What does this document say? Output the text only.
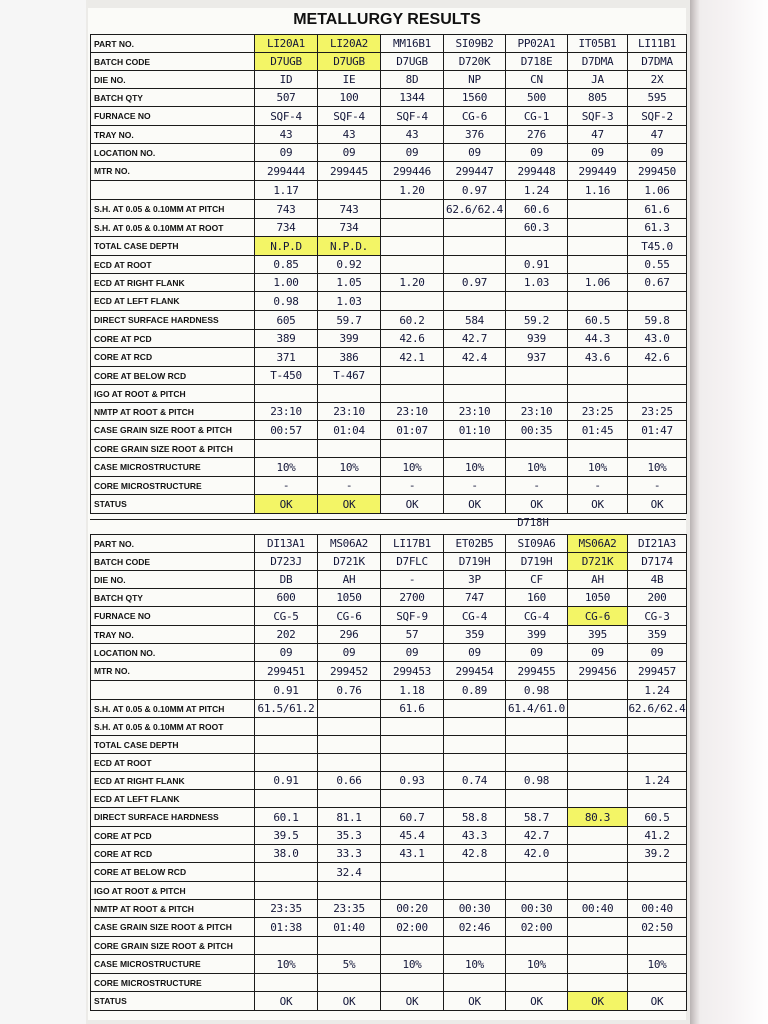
METALLURGY RESULTS
PART NO.	LI20A1	LI20A2	MM16B1	SI09B2	PP02A1	IT05B1	LI11B1
BATCH CODE	D7UGB	D7UGB	D7UGB	D720K	D718E	D7DMA	D7DMA
DIE NO.	ID	IE	8D	NP	CN	JA	2X
BATCH QTY	507	100	1344	1560	500	805	595
FURNACE NO	SQF-4	SQF-4	SQF-4	CG-6	CG-1	SQF-3	SQF-2
TRAY NO.	43	43	43	376	276	47	47
LOCATION NO.	09	09	09	09	09	09	09
MTR NO.	299444	299445	299446	299447	299448	299449	299450
	1.17		1.20	0.97	1.24	1.16	1.06
S.H. AT 0.05 & 0.10MM AT PITCH	743	743		62.6/62.4	60.6		61.6
S.H. AT 0.05 & 0.10MM AT ROOT	734	734			60.3		61.3
TOTAL CASE DEPTH	N.P.D	N.P.D.					T45.0
ECD AT ROOT	0.85	0.92			0.91		0.55
ECD AT RIGHT FLANK	1.00	1.05	1.20	0.97	1.03	1.06	0.67
ECD AT LEFT FLANK	0.98	1.03					
DIRECT SURFACE HARDNESS	605	59.7	60.2	584	59.2	60.5	59.8
CORE AT PCD	389	399	42.6	42.7	939	44.3	43.0
CORE AT RCD	371	386	42.1	42.4	937	43.6	42.6
CORE AT BELOW RCD	T-450	T-467					
IGO AT ROOT & PITCH							
NMTP AT ROOT & PITCH	23:10	23:10	23:10	23:10	23:10	23:25	23:25
CASE GRAIN SIZE ROOT & PITCH	00:57	01:04	01:07	01:10	00:35	01:45	01:47
CORE GRAIN SIZE ROOT & PITCH							
CASE MICROSTRUCTURE	10%	10%	10%	10%	10%	10%	10%
CORE MICROSTRUCTURE	-	-	-	-	-	-	-
STATUS	OK	OK	OK	OK	OK	OK	OK
D718H
PART NO.	DI13A1	MS06A2	LI17B1	ET02B5	SI09A6	MS06A2	DI21A3
BATCH CODE	D723J	D721K	D7FLC	D719H	D719H	D721K	D7174
DIE NO.	DB	AH	-	3P	CF	AH	4B
BATCH QTY	600	1050	2700	747	160	1050	200
FURNACE NO	CG-5	CG-6	SQF-9	CG-4	CG-4	CG-6	CG-3
TRAY NO.	202	296	57	359	399	395	359
LOCATION NO.	09	09	09	09	09	09	09
MTR NO.	299451	299452	299453	299454	299455	299456	299457
	0.91	0.76	1.18	0.89	0.98		1.24
S.H. AT 0.05 & 0.10MM AT PITCH	61.5/61.2		61.6		61.4/61.0		62.6/62.4
S.H. AT 0.05 & 0.10MM AT ROOT							
TOTAL CASE DEPTH							
ECD AT ROOT							
ECD AT RIGHT FLANK	0.91	0.66	0.93	0.74	0.98		1.24
ECD AT LEFT FLANK							
DIRECT SURFACE HARDNESS	60.1	81.1	60.7	58.8	58.7	80.3	60.5
CORE AT PCD	39.5	35.3	45.4	43.3	42.7		41.2
CORE AT RCD	38.0	33.3	43.1	42.8	42.0		39.2
CORE AT BELOW RCD		32.4					
IGO AT ROOT & PITCH							
NMTP AT ROOT & PITCH	23:35	23:35	00:20	00:30	00:30	00:40	00:40
CASE GRAIN SIZE ROOT & PITCH	01:38	01:40	02:00	02:46	02:00		02:50
CORE GRAIN SIZE ROOT & PITCH							
CASE MICROSTRUCTURE	10%	5%	10%	10%	10%		10%
CORE MICROSTRUCTURE							
STATUS	OK	OK	OK	OK	OK	OK	OK
